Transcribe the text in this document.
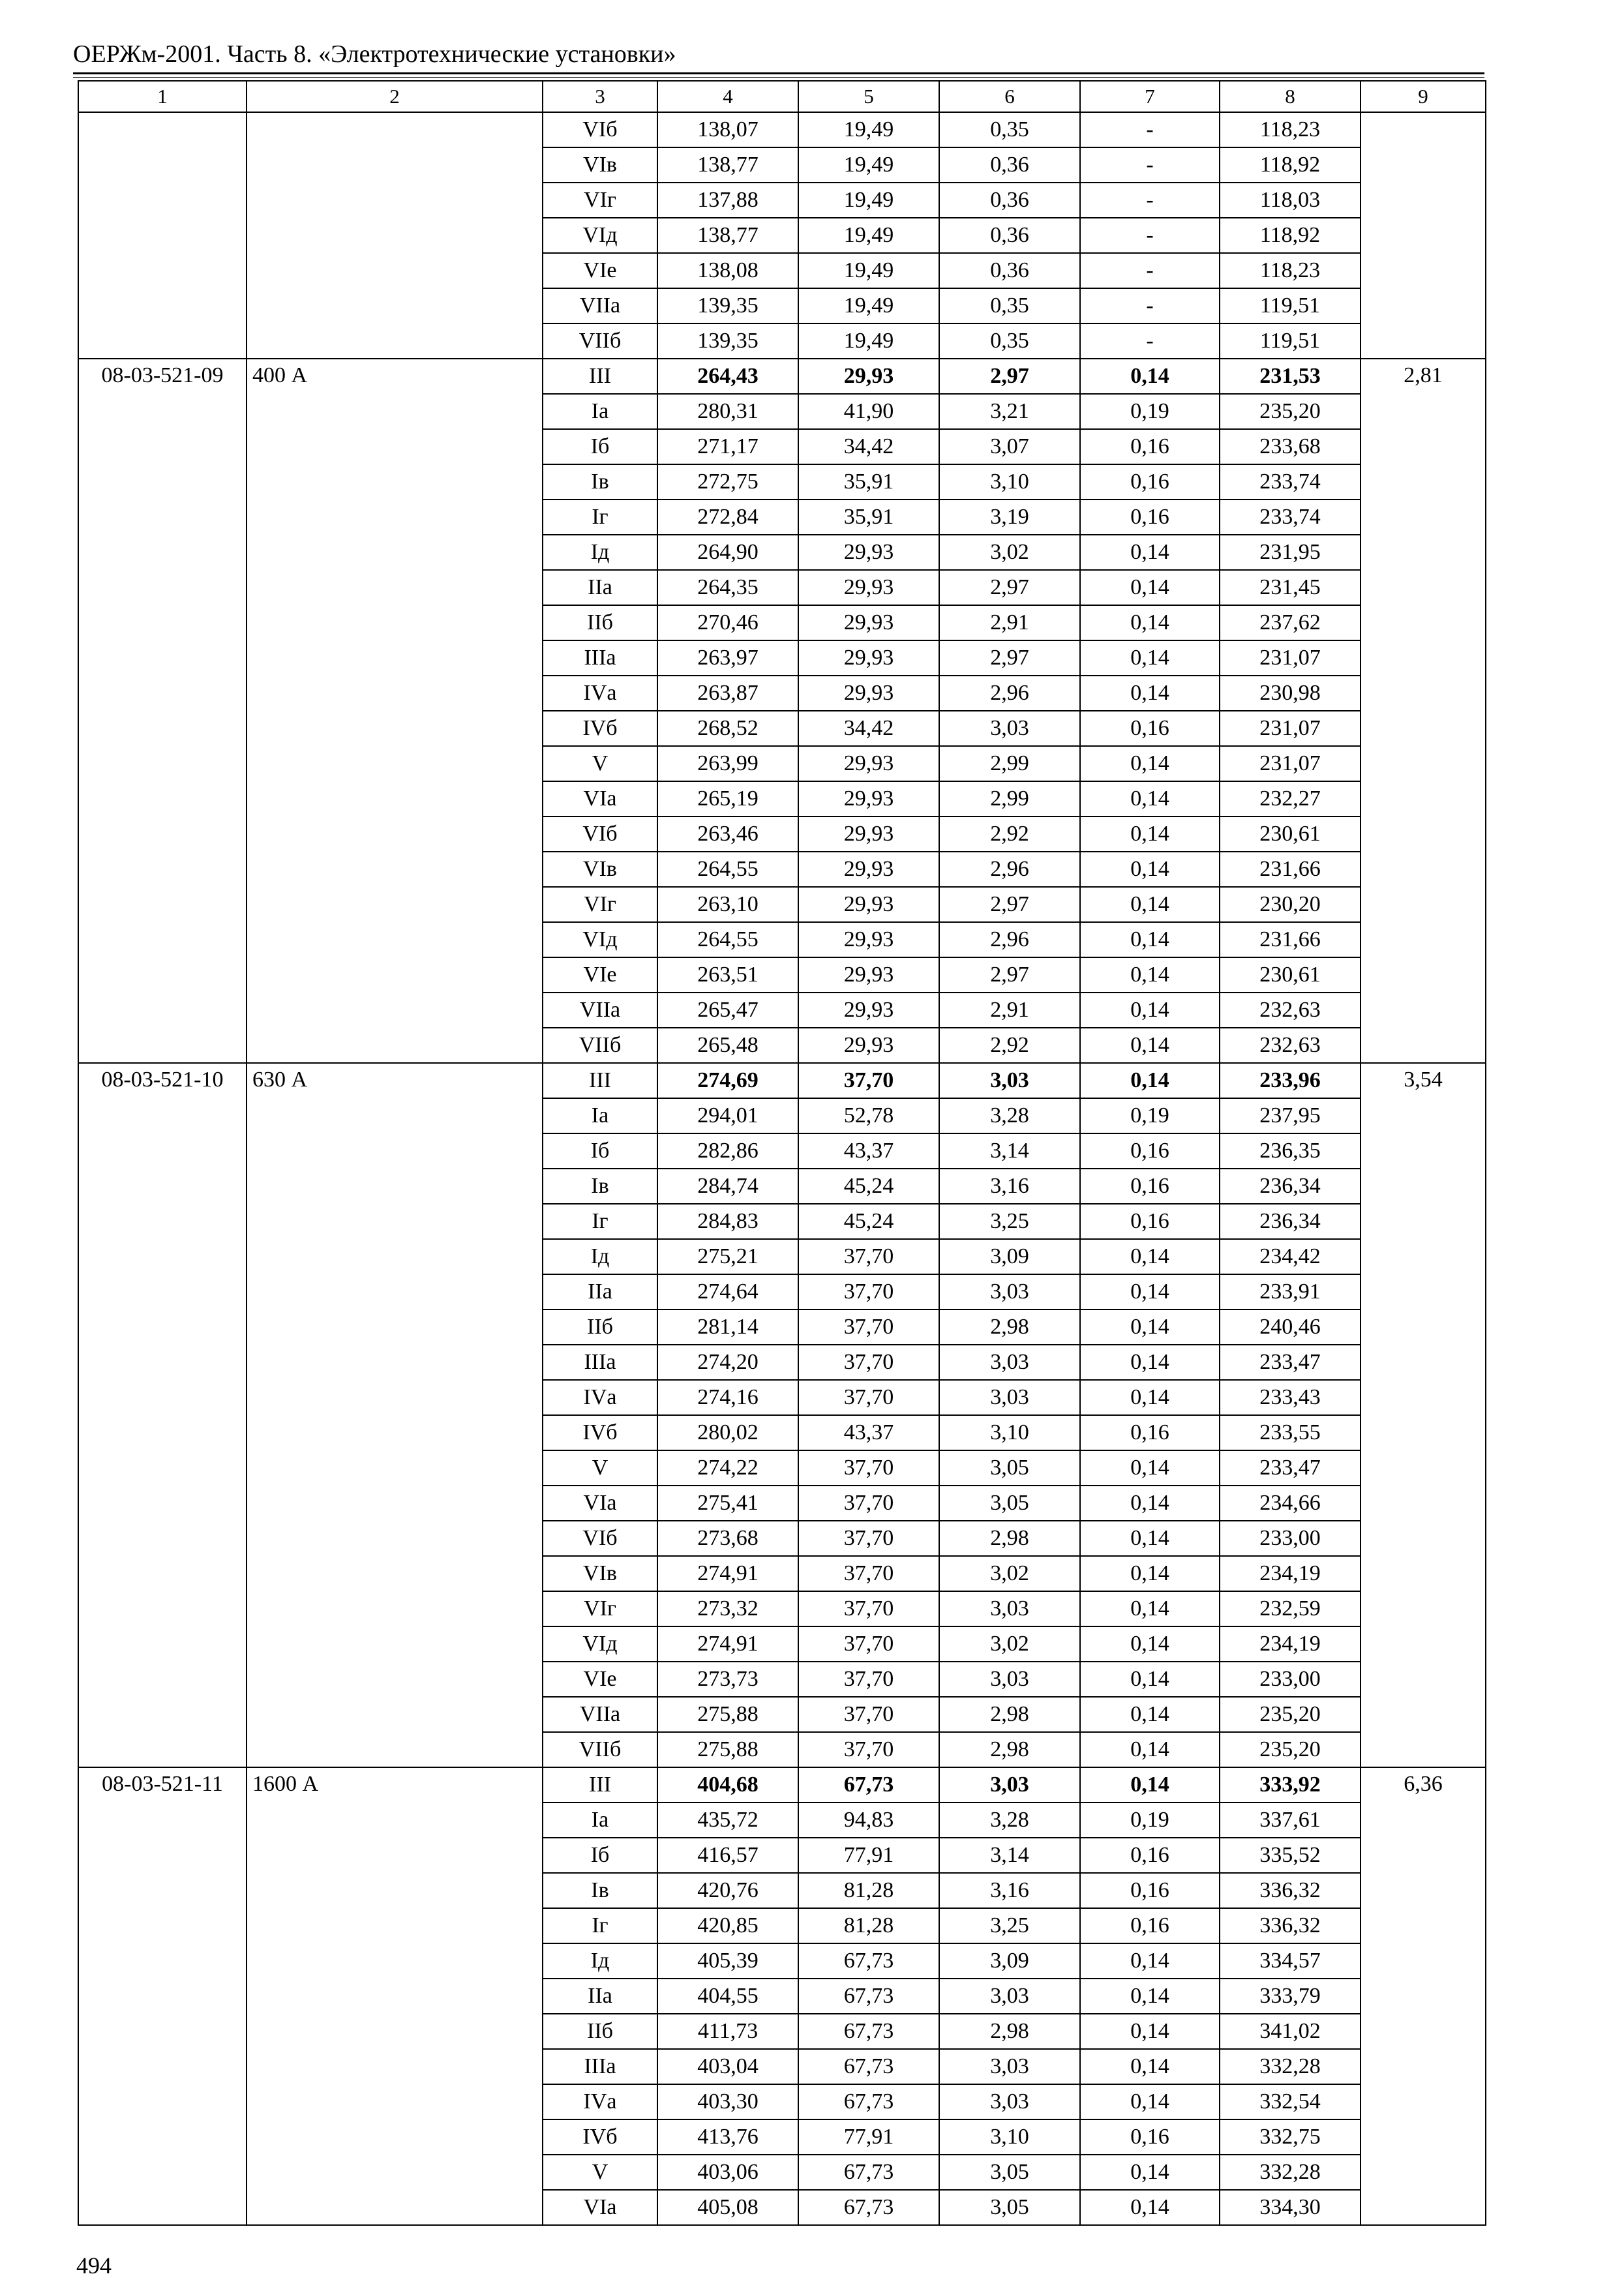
ОЕРЖм-2001. Часть 8. «Электротехнические установки»
1	2	3	4	5	6	7	8	9
		VIб	138,07	19,49	0,35	-	118,23	
		VIв	138,77	19,49	0,36	-	118,92	
		VIг	137,88	19,49	0,36	-	118,03	
		VIд	138,77	19,49	0,36	-	118,92	
		VIе	138,08	19,49	0,36	-	118,23	
		VIIа	139,35	19,49	0,35	-	119,51	
		VIIб	139,35	19,49	0,35	-	119,51	
08-03-521-09	400 А	III	264,43	29,93	2,97	0,14	231,53	2,81
		Iа	280,31	41,90	3,21	0,19	235,20	
		Iб	271,17	34,42	3,07	0,16	233,68	
		Iв	272,75	35,91	3,10	0,16	233,74	
		Iг	272,84	35,91	3,19	0,16	233,74	
		Iд	264,90	29,93	3,02	0,14	231,95	
		IIа	264,35	29,93	2,97	0,14	231,45	
		IIб	270,46	29,93	2,91	0,14	237,62	
		IIIа	263,97	29,93	2,97	0,14	231,07	
		IVа	263,87	29,93	2,96	0,14	230,98	
		IVб	268,52	34,42	3,03	0,16	231,07	
		V	263,99	29,93	2,99	0,14	231,07	
		VIа	265,19	29,93	2,99	0,14	232,27	
		VIб	263,46	29,93	2,92	0,14	230,61	
		VIв	264,55	29,93	2,96	0,14	231,66	
		VIг	263,10	29,93	2,97	0,14	230,20	
		VIд	264,55	29,93	2,96	0,14	231,66	
		VIе	263,51	29,93	2,97	0,14	230,61	
		VIIа	265,47	29,93	2,91	0,14	232,63	
		VIIб	265,48	29,93	2,92	0,14	232,63	
08-03-521-10	630 А	III	274,69	37,70	3,03	0,14	233,96	3,54
		Iа	294,01	52,78	3,28	0,19	237,95	
		Iб	282,86	43,37	3,14	0,16	236,35	
		Iв	284,74	45,24	3,16	0,16	236,34	
		Iг	284,83	45,24	3,25	0,16	236,34	
		Iд	275,21	37,70	3,09	0,14	234,42	
		IIа	274,64	37,70	3,03	0,14	233,91	
		IIб	281,14	37,70	2,98	0,14	240,46	
		IIIа	274,20	37,70	3,03	0,14	233,47	
		IVа	274,16	37,70	3,03	0,14	233,43	
		IVб	280,02	43,37	3,10	0,16	233,55	
		V	274,22	37,70	3,05	0,14	233,47	
		VIа	275,41	37,70	3,05	0,14	234,66	
		VIб	273,68	37,70	2,98	0,14	233,00	
		VIв	274,91	37,70	3,02	0,14	234,19	
		VIг	273,32	37,70	3,03	0,14	232,59	
		VIд	274,91	37,70	3,02	0,14	234,19	
		VIе	273,73	37,70	3,03	0,14	233,00	
		VIIа	275,88	37,70	2,98	0,14	235,20	
		VIIб	275,88	37,70	2,98	0,14	235,20	
08-03-521-11	1600 А	III	404,68	67,73	3,03	0,14	333,92	6,36
		Iа	435,72	94,83	3,28	0,19	337,61	
		Iб	416,57	77,91	3,14	0,16	335,52	
		Iв	420,76	81,28	3,16	0,16	336,32	
		Iг	420,85	81,28	3,25	0,16	336,32	
		Iд	405,39	67,73	3,09	0,14	334,57	
		IIа	404,55	67,73	3,03	0,14	333,79	
		IIб	411,73	67,73	2,98	0,14	341,02	
		IIIа	403,04	67,73	3,03	0,14	332,28	
		IVа	403,30	67,73	3,03	0,14	332,54	
		IVб	413,76	77,91	3,10	0,16	332,75	
		V	403,06	67,73	3,05	0,14	332,28	
		VIа	405,08	67,73	3,05	0,14	334,30	
494
